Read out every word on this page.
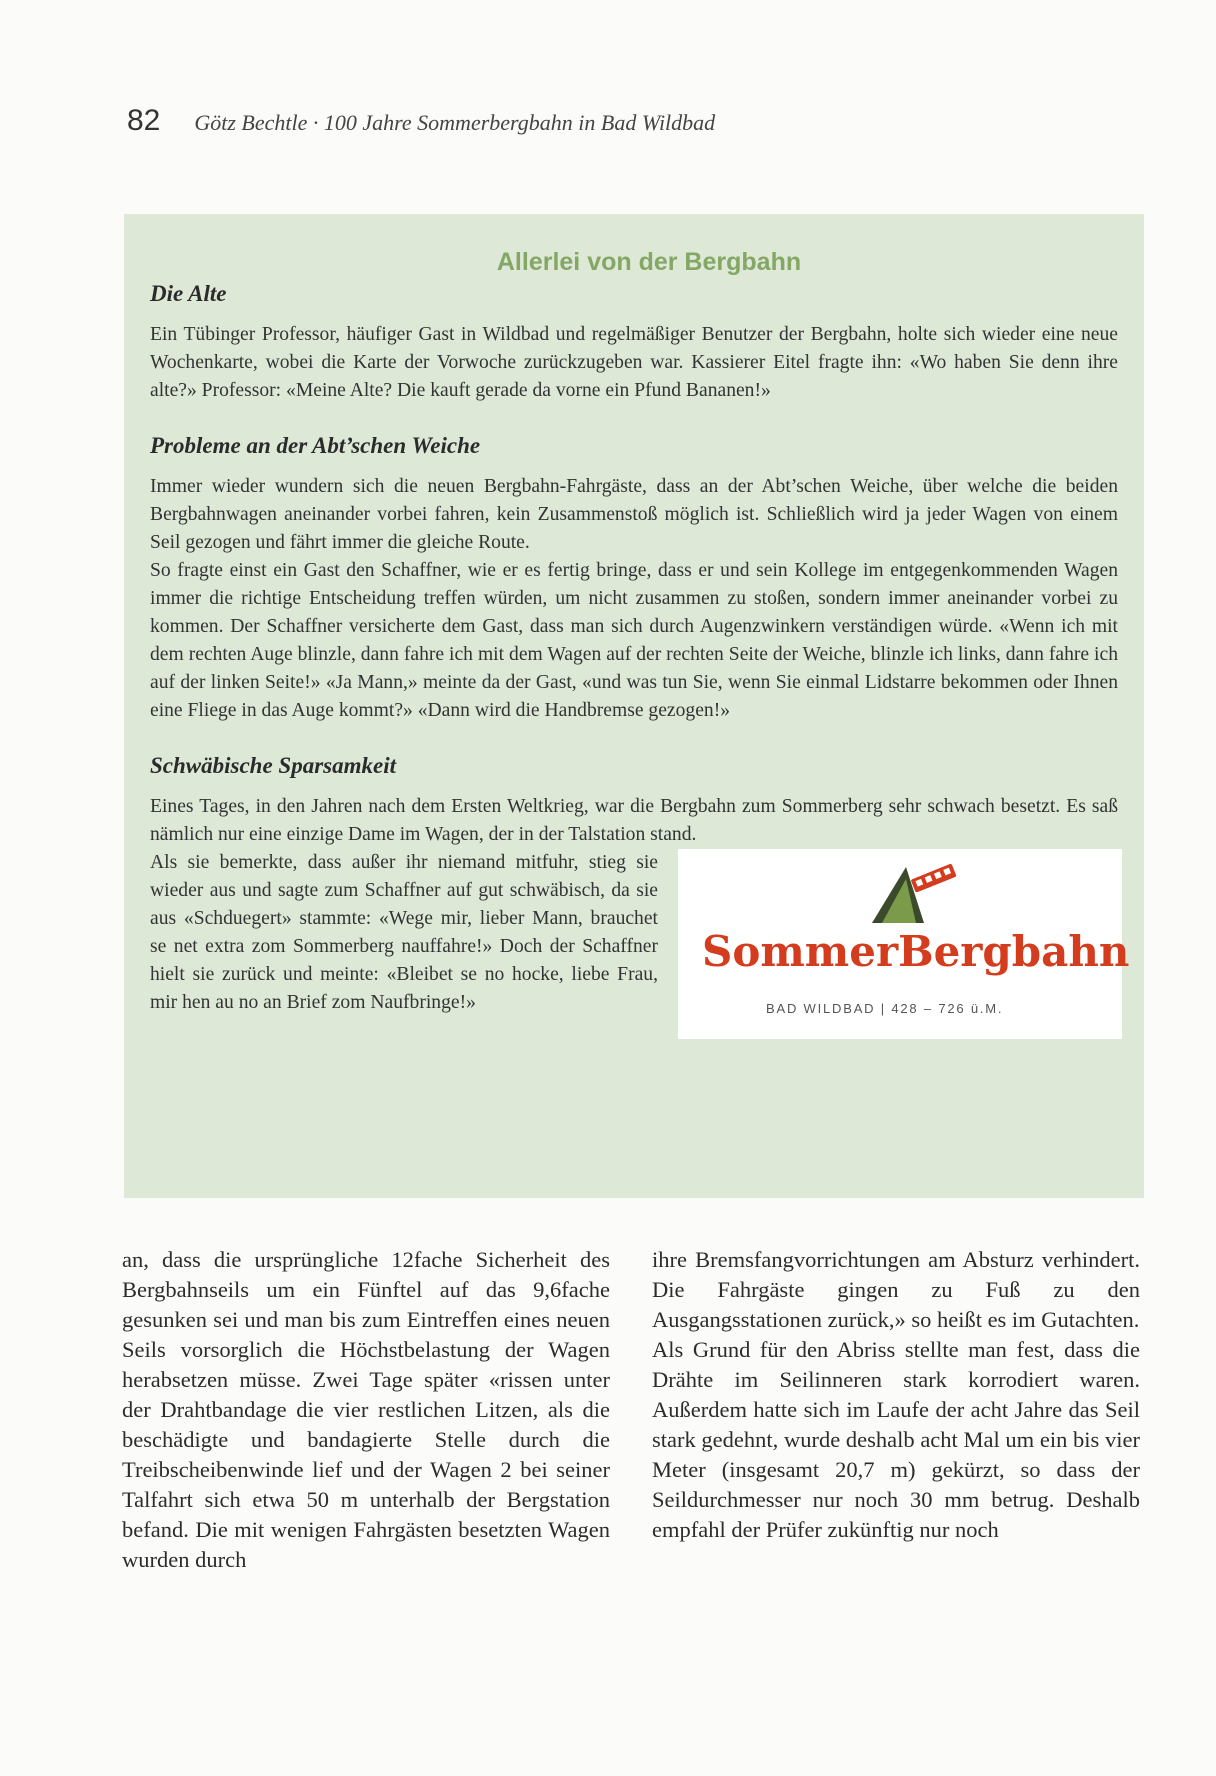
82 Götz Bechtle · 100 Jahre Sommerbergbahn in Bad Wildbad
Allerlei von der Bergbahn
Die Alte

Ein Tübinger Professor, häufiger Gast in Wildbad und regelmäßiger Benutzer der Bergbahn, holte sich wieder eine neue Wochenkarte, wobei die Karte der Vorwoche zurückzugeben war. Kassierer Eitel fragte ihn: «Wo haben Sie denn ihre alte?» Professor: «Meine Alte? Die kauft gerade da vorne ein Pfund Bananen!»

Probleme an der Abt’schen Weiche

Immer wieder wundern sich die neuen Bergbahn-Fahrgäste, dass an der Abt’schen Weiche, über welche die beiden Bergbahnwagen aneinander vorbei fahren, kein Zusammenstoß möglich ist. Schließlich wird ja jeder Wagen von einem Seil gezogen und fährt immer die gleiche Route.

So fragte einst ein Gast den Schaffner, wie er es fertig bringe, dass er und sein Kollege im entgegenkommenden Wagen immer die richtige Entscheidung treffen würden, um nicht zusammen zu stoßen, sondern immer aneinander vorbei zu kommen. Der Schaffner versicherte dem Gast, dass man sich durch Augenzwinkern verständigen würde. «Wenn ich mit dem rechten Auge blinzle, dann fahre ich mit dem Wagen auf der rechten Seite der Weiche, blinzle ich links, dann fahre ich auf der linken Seite!» «Ja Mann,» meinte da der Gast, «und was tun Sie, wenn Sie einmal Lidstarre bekommen oder Ihnen eine Fliege in das Auge kommt?» «Dann wird die Handbremse gezogen!»

Schwäbische Sparsamkeit

Eines Tages, in den Jahren nach dem Ersten Weltkrieg, war die Bergbahn zum Sommerberg sehr schwach besetzt. Es saß nämlich nur eine einzige Dame im Wagen, der in der Talstation stand.

SommerBergbahn
BAD WILDBAD | 428 – 726 ü.M.

Als sie bemerkte, dass außer ihr niemand mitfuhr, stieg sie wieder aus und sagte zum Schaffner auf gut schwäbisch, da sie aus «Schduegert» stammte: «Wege mir, lieber Mann, brauchet se net extra zom Sommerberg nauffahre!» Doch der Schaffner hielt sie zurück und meinte: «Bleibet se no hocke, liebe Frau, mir hen au no an Brief zom Naufbringe!»

an, dass die ursprüngliche 12fache Sicherheit des Bergbahnseils um ein Fünftel auf das 9,6fache gesunken sei und man bis zum Eintreffen eines neuen Seils vorsorglich die Höchstbelastung der Wagen herabsetzen müsse. Zwei Tage später «rissen unter der Drahtbandage die vier restlichen Litzen, als die beschädigte und bandagierte Stelle durch die Treibscheibenwinde lief und der Wagen 2 bei seiner Talfahrt sich etwa 50 m unterhalb der Bergstation befand. Die mit wenigen Fahrgästen besetzten Wagen wurden durch

ihre Bremsfangvorrichtungen am Absturz verhindert. Die Fahrgäste gingen zu Fuß zu den Ausgangsstationen zurück,» so heißt es im Gutachten.

Als Grund für den Abriss stellte man fest, dass die Drähte im Seilinneren stark korrodiert waren. Außerdem hatte sich im Laufe der acht Jahre das Seil stark gedehnt, wurde deshalb acht Mal um ein bis vier Meter (insgesamt 20,7 m) gekürzt, so dass der Seildurchmesser nur noch 30 mm betrug. Deshalb empfahl der Prüfer zukünftig nur noch
